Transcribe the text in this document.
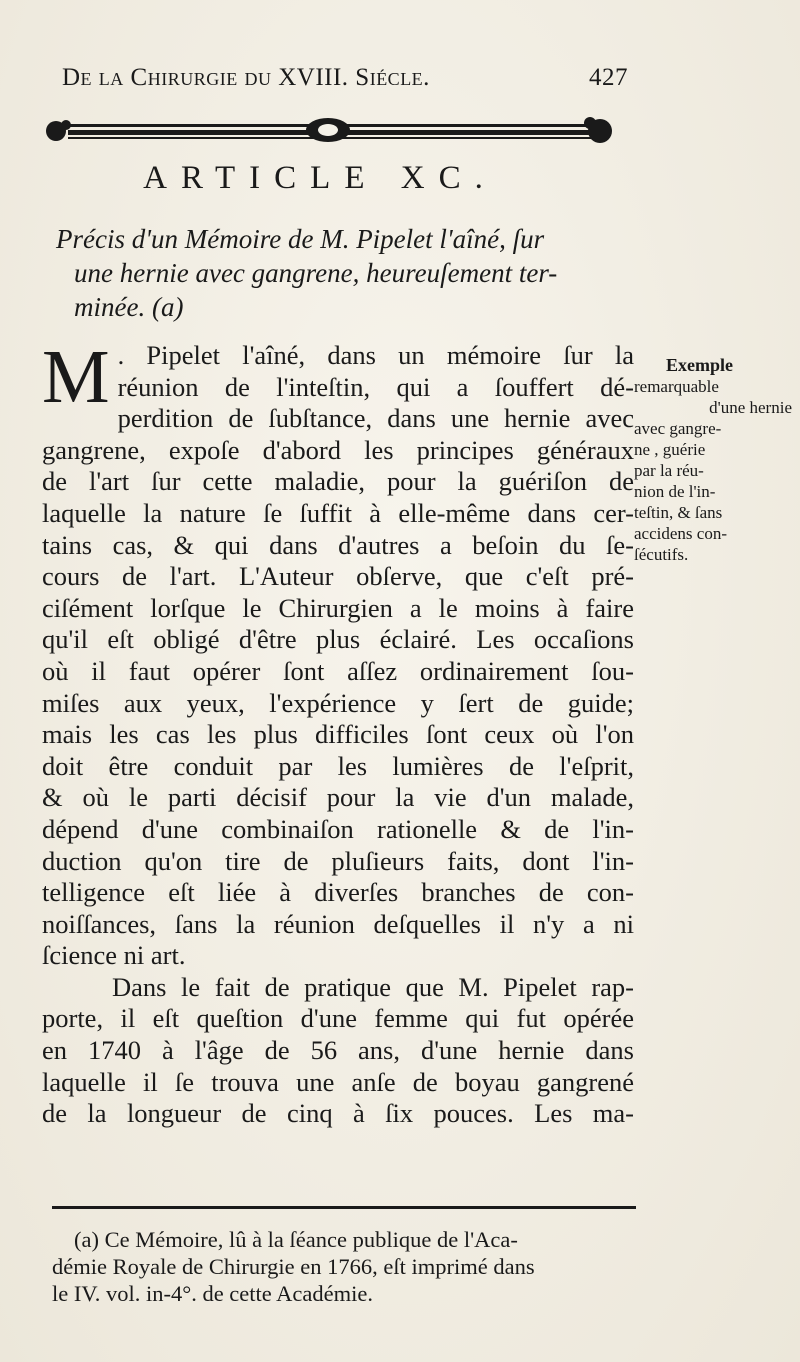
De la Chirurgie du XVIII. Siécle.	427
ARTICLE XC.
Précis d'un Mémoire de M. Pipelet l'aîné, ſur
une hernie avec gangrene, heureuſement ter-
minée. (a)
M . Pipelet l'aîné, dans un mémoire ſur la
réunion de l'inteſtin, qui a ſouffert dé-
perdition de ſubſtance, dans une hernie avec
gangrene, expoſe d'abord les principes généraux
de l'art ſur cette maladie, pour la guériſon de
laquelle la nature ſe ſuffit à elle-même dans cer-
tains cas, & qui dans d'autres a beſoin du ſe-
cours de l'art. L'Auteur obſerve, que c'eſt pré-
ciſément lorſque le Chirurgien a le moins à faire
qu'il eſt obligé d'être plus éclairé. Les occaſions
où il faut opérer ſont aſſez ordinairement ſou-
miſes aux yeux, l'expérience y ſert de guide;
mais les cas les plus difficiles ſont ceux où l'on
doit être conduit par les lumières de l'eſprit,
& où le parti décisif pour la vie d'un malade,
dépend d'une combinaiſon rationelle & de l'in-
duction qu'on tire de pluſieurs faits, dont l'in-
telligence eſt liée à diverſes branches de con-
noiſſances, ſans la réunion deſquelles il n'y a ni
ſcience ni art.
Dans le fait de pratique que M. Pipelet rap-
porte, il eſt queſtion d'une femme qui fut opérée
en 1740 à l'âge de 56 ans, d'une hernie dans
laquelle il ſe trouva une anſe de boyau gangrené
de la longueur de cinq à ſix pouces. Les ma-
Exemple
remarquable
d'une hernie
avec gangre-
ne , guérie
par la réu-
nion de l'in-
teſtin, & ſans
accidens con-
ſécutifs.
(a) Ce Mémoire, lû à la ſéance publique de l'Aca-
démie Royale de Chirurgie en 1766, eſt imprimé dans
le IV. vol. in-4°. de cette Académie.
